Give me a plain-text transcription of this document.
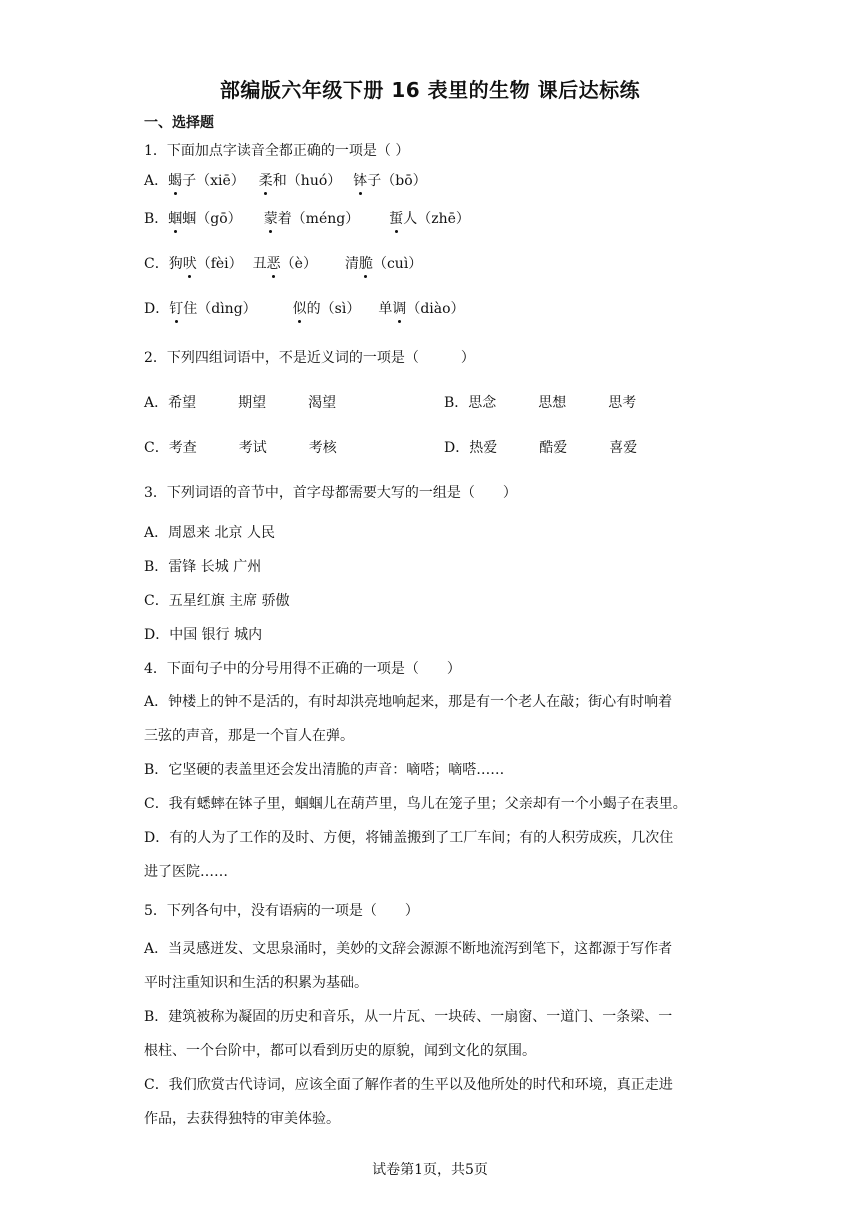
部编版六年级下册 16 表里的生物 课后达标练
一、选择题
1．下面加点字读音全都正确的一项是（ ）
A．蝎子（xiē） 柔和（huó） 钵子（bō）
B．蝈蝈（gō） 蒙着（méng） 蜇人（zhē）
C．狗吠（fèi） 丑恶（è） 清脆（cuì）
D．钉住（dìng）	似的（sì） 单调（diào）
2．下列四组词语中，不是近义词的一项是（　　　）
A．希望	期望	渴望	B．思念	思想	思考
C．考查	考试	考核	D．热爱	酷爱	喜爱
3．下列词语的音节中，首字母都需要大写的一组是（　　）
A．周恩来 北京 人民
B．雷锋 长城 广州
C．五星红旗 主席 骄傲
D．中国 银行 城内
4．下面句子中的分号用得不正确的一项是（　　）
A．钟楼上的钟不是活的，有时却洪亮地响起来，那是有一个老人在敲；街心有时响着
三弦的声音，那是一个盲人在弹。
B．它坚硬的表盖里还会发出清脆的声音：嘀嗒；嘀嗒……
C．我有蟋蟀在钵子里，蝈蝈儿在葫芦里，鸟儿在笼子里；父亲却有一个小蝎子在表里。
D．有的人为了工作的及时、方便，将铺盖搬到了工厂车间；有的人积劳成疾，几次住
进了医院……
5．下列各句中，没有语病的一项是（　　）
A．当灵感迸发、文思泉涌时，美妙的文辞会源源不断地流泻到笔下，这都源于写作者
平时注重知识和生活的积累为基础。
B．建筑被称为凝固的历史和音乐，从一片瓦、一块砖、一扇窗、一道门、一条梁、一
根柱、一个台阶中，都可以看到历史的原貌，闻到文化的氛围。
C．我们欣赏古代诗词，应该全面了解作者的生平以及他所处的时代和环境，真正走进
作品，去获得独特的审美体验。
试卷第1页，共5页
